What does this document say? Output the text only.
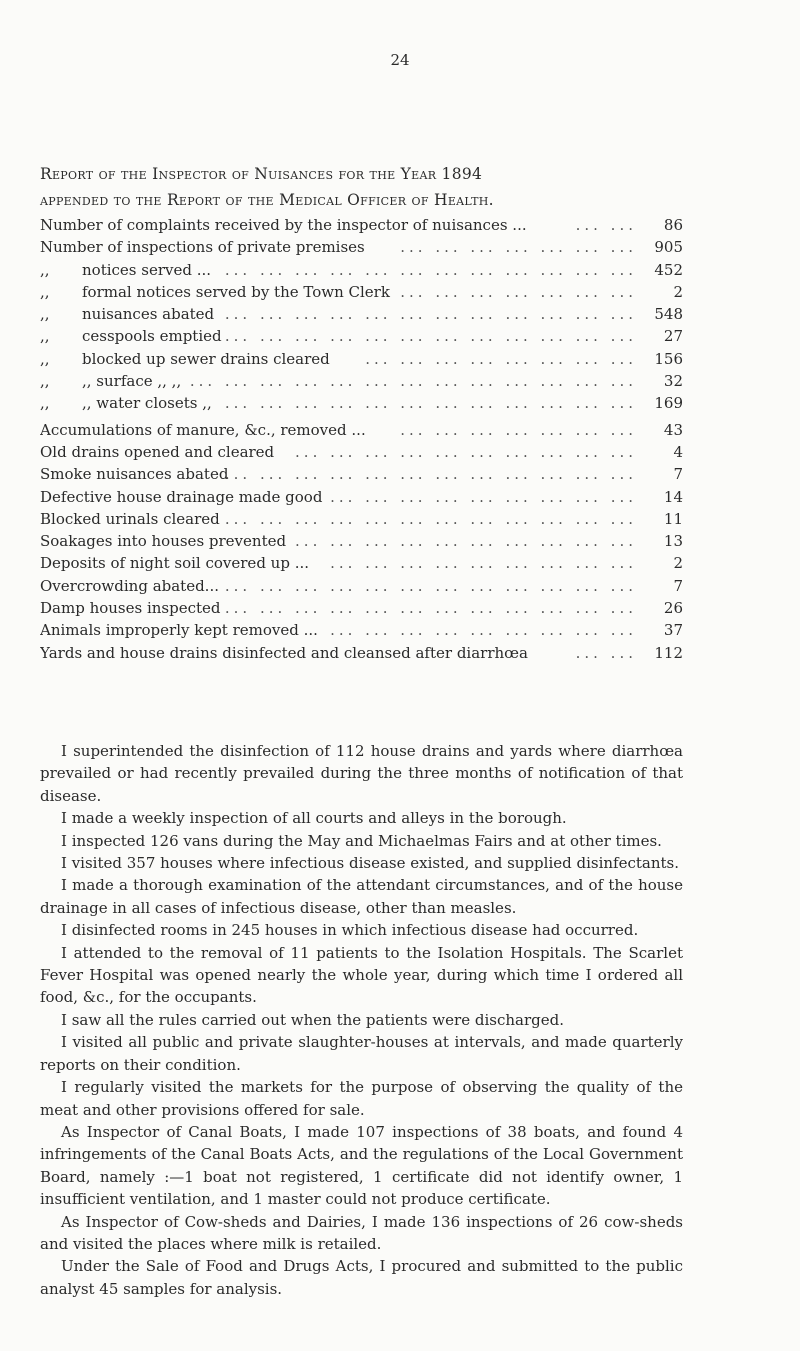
24
Report of the Inspector of Nuisances for the Year 1894
appended to the Report of the Medical Officer of Health.
Number of complaints received by the inspector of nuisances ...	86
... ...
Number of inspections of private premises	905
... ... ... ... ... ... ...
,, notices served ...	452
... ... ... ... ... ... ... ... ... ... ... ...
,, formal notices served by the Town Clerk	2
... ... ... ... ... ... ...
,, nuisances abated	548
... ... ... ... ... ... ... ... ... ... ... ...
,, cesspools emptied	27
... ... ... ... ... ... ... ... ... ... ... ...
,, blocked up sewer drains cleared	156
... ... ... ... ... ... ... ...
,, ,, surface ,, ,,	32
... ... ... ... ... ... ... ... ... ... ... ... ...
,, ,, water closets ,,	169
... ... ... ... ... ... ... ... ... ... ... ...
Accumulations of manure, &c., removed ...	43
... ... ... ... ... ... ...
Old drains opened and cleared	4
... ... ... ... ... ... ... ... ... ...
Smoke nuisances abated	7
... ... ... ... ... ... ... ... ... ... ... ...
Defective house drainage made good	14
... ... ... ... ... ... ... ... ...
Blocked urinals cleared	11
... ... ... ... ... ... ... ... ... ... ... ...
Soakages into houses prevented	13
... ... ... ... ... ... ... ... ... ...
Deposits of night soil covered up ...	2
... ... ... ... ... ... ... ... ...
Overcrowding abated...	7
... ... ... ... ... ... ... ... ... ... ... ...
Damp houses inspected	26
... ... ... ... ... ... ... ... ... ... ... ...
Animals improperly kept removed ...	37
... ... ... ... ... ... ... ... ...
Yards and house drains disinfected and cleansed after diarrhœa	112
... ...

I superintended the disinfection of 112 house drains and yards where diarrhœa prevailed or had recently prevailed during the three months of notification of that disease.

I made a weekly inspection of all courts and alleys in the borough.

I inspected 126 vans during the May and Michaelmas Fairs and at other times.

I visited 357 houses where infectious disease existed, and supplied disinfectants.

I made a thorough examination of the attendant circumstances, and of the house drainage in all cases of infectious disease, other than measles.

I disinfected rooms in 245 houses in which infectious disease had occurred.

I attended to the removal of 11 patients to the Isolation Hospitals. The Scarlet Fever Hospital was opened nearly the whole year, during which time I ordered all food, &c., for the occupants.

I saw all the rules carried out when the patients were discharged.

I visited all public and private slaughter-houses at intervals, and made quarterly reports on their condition.

I regularly visited the markets for the purpose of observing the quality of the meat and other provisions offered for sale.

As Inspector of Canal Boats, I made 107 inspections of 38 boats, and found 4 infringements of the Canal Boats Acts, and the regulations of the Local Government Board, namely :—1 boat not registered, 1 certificate did not identify owner, 1 insufficient ventilation, and 1 master could not produce certificate.

As Inspector of Cow-sheds and Dairies, I made 136 inspections of 26 cow-sheds and visited the places where milk is retailed.

Under the Sale of Food and Drugs Acts, I procured and submitted to the public analyst 45 samples for analysis.
